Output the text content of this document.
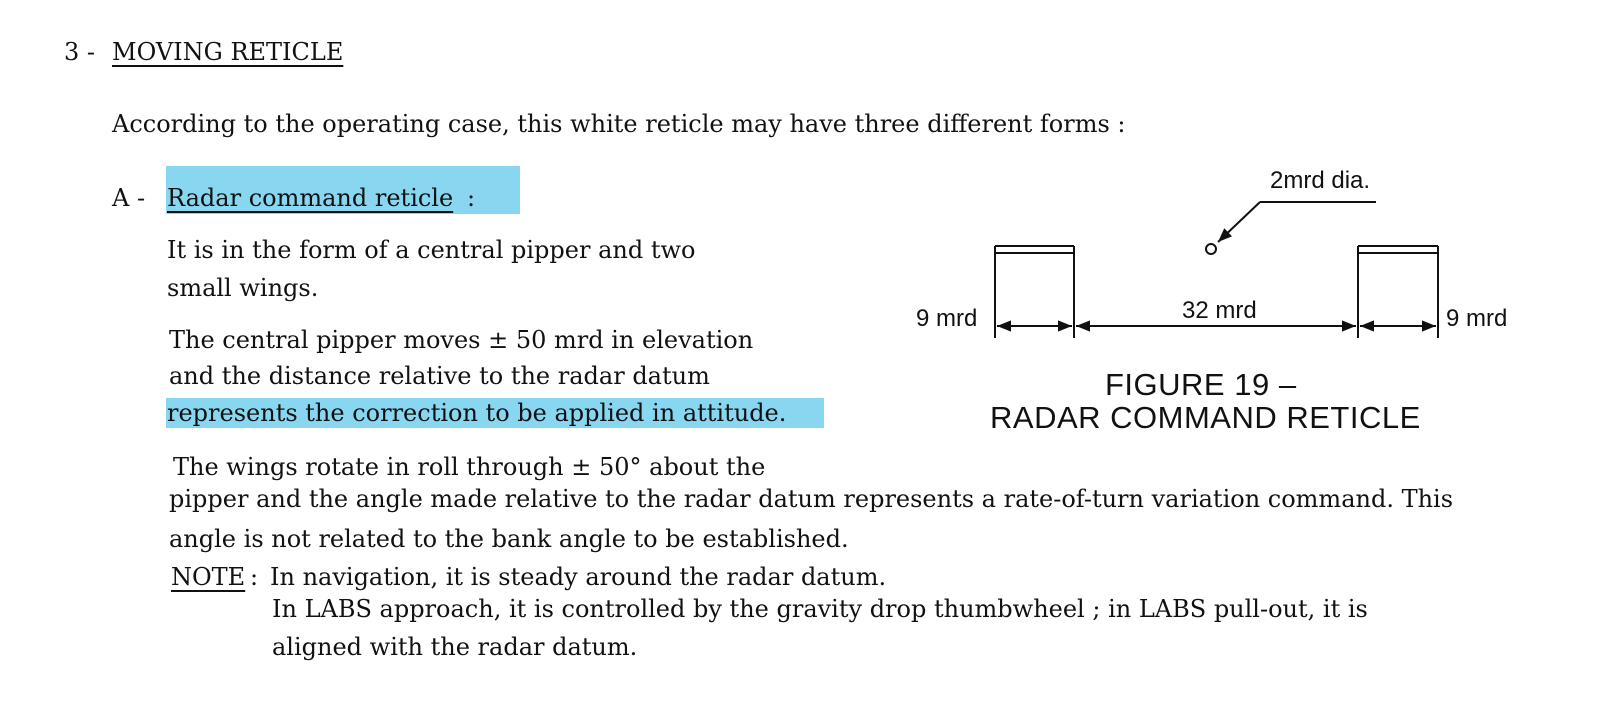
3 - MOVING RETICLE
According to the operating case, this white reticle may have three different forms :
A - Radar command reticle :
It is in the form of a central pipper and two
small wings.
The central pipper moves ± 50 mrd in elevation
and the distance relative to the radar datum
represents the correction to be applied in attitude.
The wings rotate in roll through ± 50° about the
pipper and the angle made relative to the radar datum represents a rate-of-turn variation command. This
angle is not related to the bank angle to be established.
NOTE : In navigation, it is steady around the radar datum.
In LABS approach, it is controlled by the gravity drop thumbwheel ; in LABS pull-out, it is
aligned with the radar datum.
2mrd dia.
9 mrd	32 mrd	9 mrd
FIGURE 19 –
RADAR COMMAND RETICLE
